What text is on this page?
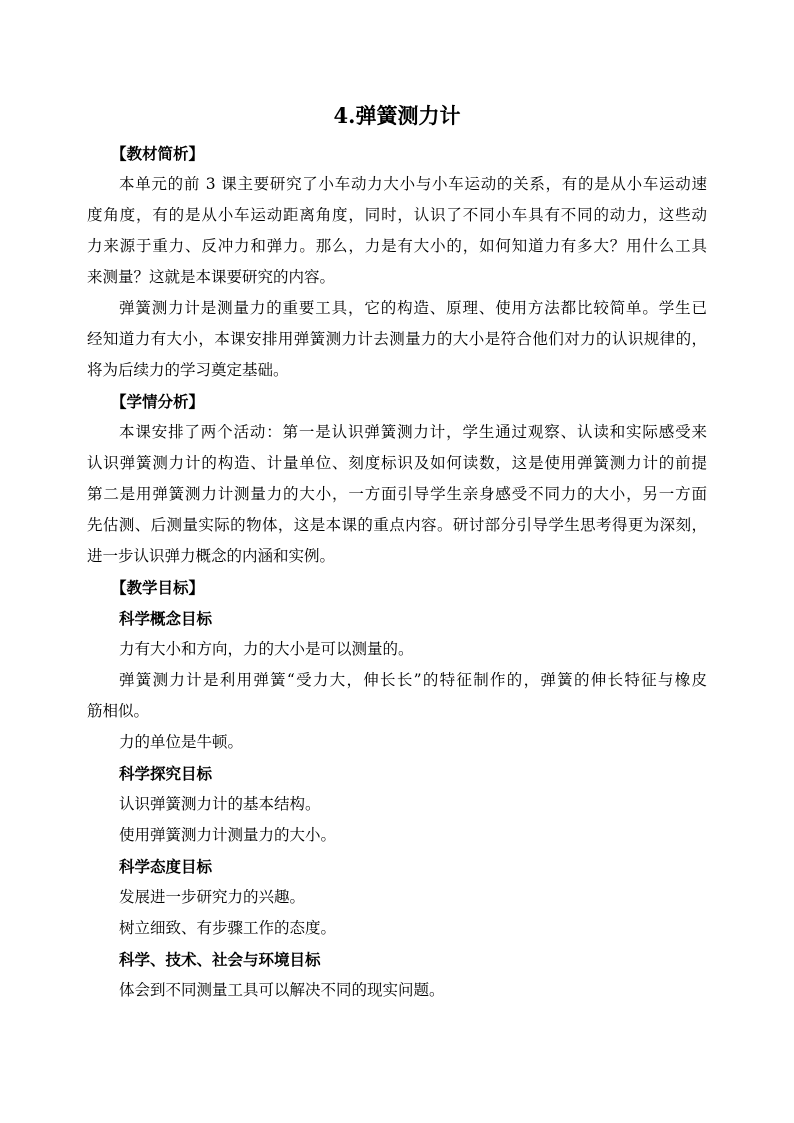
4.弹簧测力计
【教材简析】
本单元的前 3 课主要研究了小车动力大小与小车运动的关系，有的是从小车运动速
度角度，有的是从小车运动距离角度，同时，认识了不同小车具有不同的动力，这些动
力来源于重力、反冲力和弹力。那么，力是有大小的，如何知道力有多大？用什么工具
来测量？这就是本课要研究的内容。
弹簧测力计是测量力的重要工具，它的构造、原理、使用方法都比较简单。学生已
经知道力有大小，本课安排用弹簧测力计去测量力的大小是符合他们对力的认识规律的，
将为后续力的学习奠定基础。
【学情分析】
本课安排了两个活动：第一是认识弹簧测力计，学生通过观察、认读和实际感受来
认识弹簧测力计的构造、计量单位、刻度标识及如何读数，这是使用弹簧测力计的前提
第二是用弹簧测力计测量力的大小，一方面引导学生亲身感受不同力的大小，另一方面
先估测、后测量实际的物体，这是本课的重点内容。研讨部分引导学生思考得更为深刻，
进一步认识弹力概念的内涵和实例。
【教学目标】
科学概念目标
力有大小和方向，力的大小是可以测量的。
弹簧测力计是利用弹簧“受力大，伸长长”的特征制作的，弹簧的伸长特征与橡皮
筋相似。
力的单位是牛顿。
科学探究目标
认识弹簧测力计的基本结构。
使用弹簧测力计测量力的大小。
科学态度目标
发展进一步研究力的兴趣。
树立细致、有步骤工作的态度。
科学、技术、社会与环境目标
体会到不同测量工具可以解决不同的现实问题。
